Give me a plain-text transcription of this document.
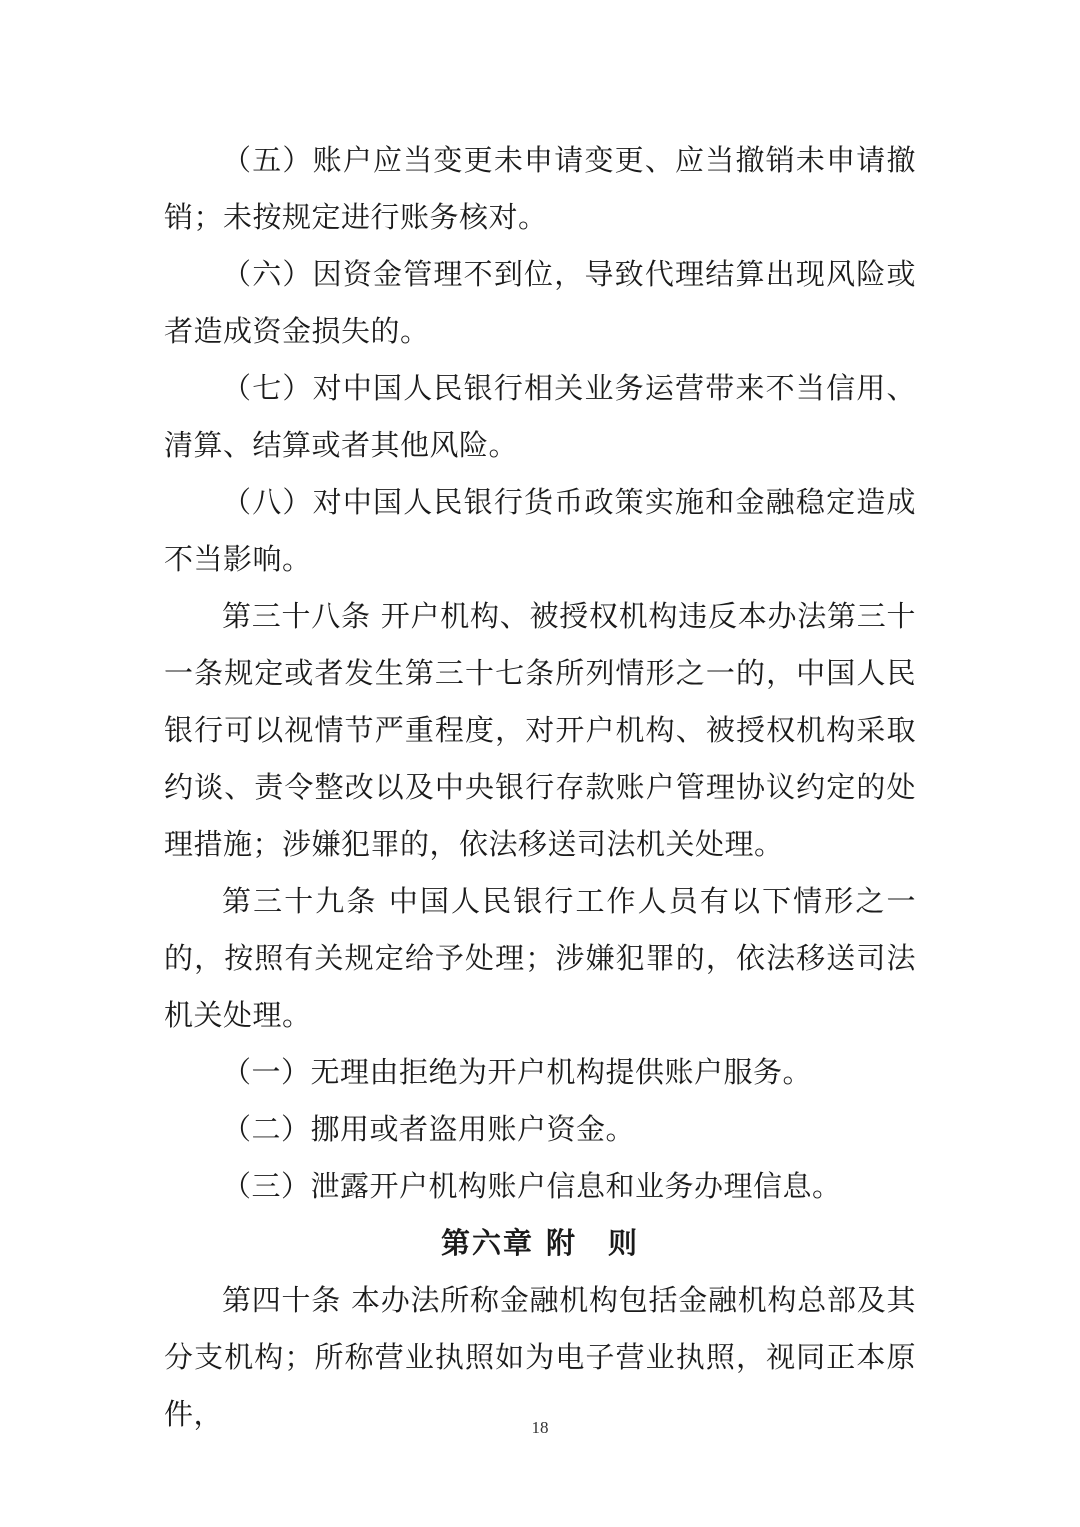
（五）账户应当变更未申请变更、应当撤销未申请撤销；未按规定进行账务核对。

（六）因资金管理不到位，导致代理结算出现风险或者造成资金损失的。

（七）对中国人民银行相关业务运营带来不当信用、清算、结算或者其他风险。

（八）对中国人民银行货币政策实施和金融稳定造成不当影响。

第三十八条 开户机构、被授权机构违反本办法第三十一条规定或者发生第三十七条所列情形之一的，中国人民银行可以视情节严重程度，对开户机构、被授权机构采取约谈、责令整改以及中央银行存款账户管理协议约定的处理措施；涉嫌犯罪的，依法移送司法机关处理。

第三十九条 中国人民银行工作人员有以下情形之一的，按照有关规定给予处理；涉嫌犯罪的，依法移送司法机关处理。

（一）无理由拒绝为开户机构提供账户服务。

（二）挪用或者盗用账户资金。

（三）泄露开户机构账户信息和业务办理信息。

第六章 附　则

第四十条 本办法所称金融机构包括金融机构总部及其分支机构；所称营业执照如为电子营业执照，视同正本原件，	18
